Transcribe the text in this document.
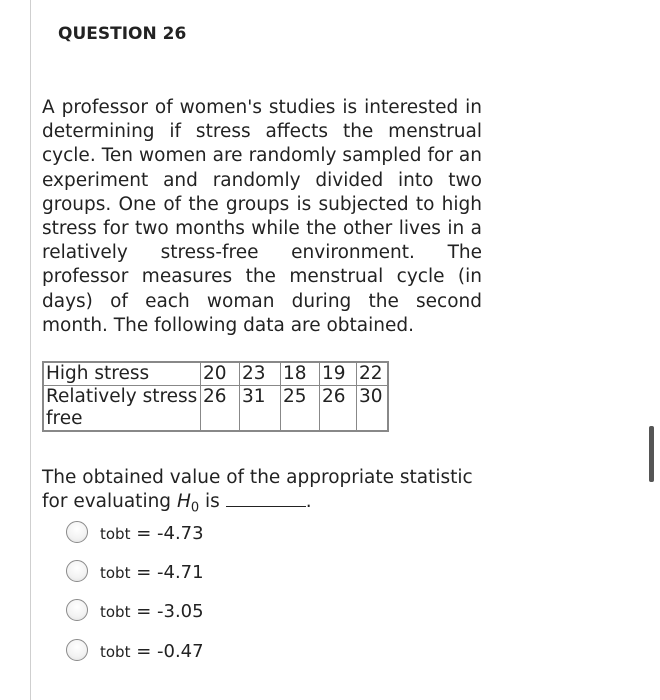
QUESTION 26
A professor of women's studies is interested in determining if stress affects the menstrual cycle. Ten women are randomly sampled for an experiment and randomly divided into two groups. One of the groups is subjected to high stress for two months while the other lives in a relatively stress-free environment. The professor measures the menstrual cycle (in days) of each woman during the second month. The following data are obtained.
High stress	20	23	18	19	22
Relatively stress free	26	31	25	26	30
The obtained value of the appropriate statistic for evaluating $H_0$ is	.
tobt = -4.73
tobt = -4.71
tobt = -3.05
tobt = -0.47
